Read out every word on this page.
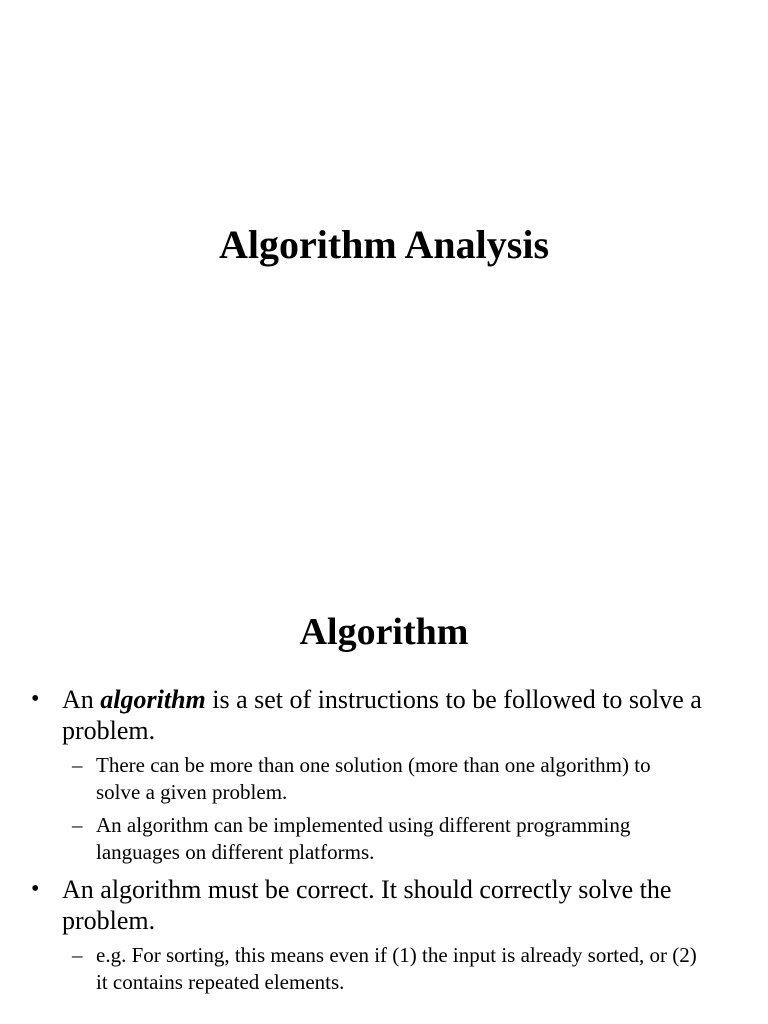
Algorithm Analysis
Algorithm
• An algorithm is a set of instructions to be followed to solve a problem.
– There can be more than one solution (more than one algorithm) to solve a given problem.
– An algorithm can be implemented using different programming languages on different platforms.
• An algorithm must be correct. It should correctly solve the problem.
– e.g. For sorting, this means even if (1) the input is already sorted, or (2) it contains repeated elements.
